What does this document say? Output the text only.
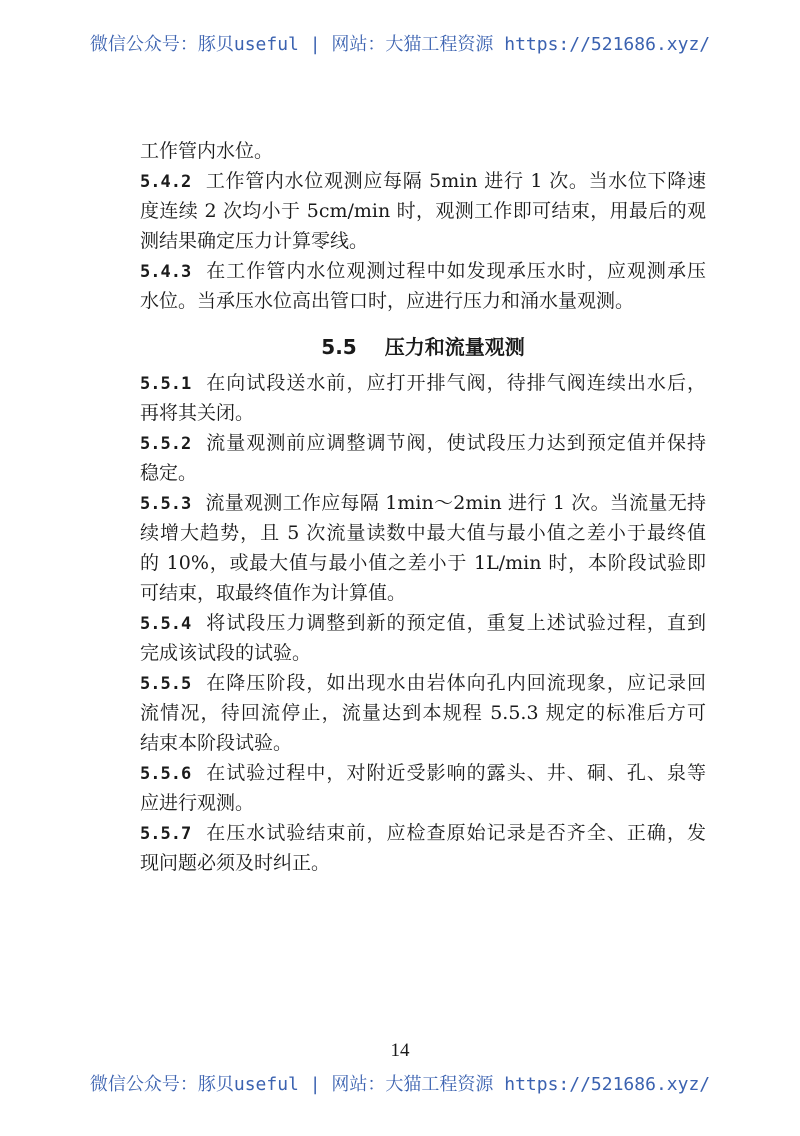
微信公众号：豚贝useful | 网站：大猫工程资源 https://521686.xyz/
工作管内水位。
5.4.2 工作管内水位观测应每隔 5min 进行 1 次。当水位下降速
度连续 2 次均小于 5cm/min 时，观测工作即可结束，用最后的观
测结果确定压力计算零线。
5.4.3 在工作管内水位观测过程中如发现承压水时，应观测承压
水位。当承压水位高出管口时，应进行压力和涌水量观测。
5.5 压力和流量观测
5.5.1 在向试段送水前，应打开排气阀，待排气阀连续出水后，
再将其关闭。
5.5.2 流量观测前应调整调节阀，使试段压力达到预定值并保持
稳定。
5.5.3 流量观测工作应每隔 1min～2min 进行 1 次。当流量无持
续增大趋势，且 5 次流量读数中最大值与最小值之差小于最终值
的 10%，或最大值与最小值之差小于 1L/min 时，本阶段试验即
可结束，取最终值作为计算值。
5.5.4 将试段压力调整到新的预定值，重复上述试验过程，直到
完成该试段的试验。
5.5.5 在降压阶段，如出现水由岩体向孔内回流现象，应记录回
流情况，待回流停止，流量达到本规程 5.5.3 规定的标准后方可
结束本阶段试验。
5.5.6 在试验过程中，对附近受影响的露头、井、硐、孔、泉等
应进行观测。
5.5.7 在压水试验结束前，应检查原始记录是否齐全、正确，发
现问题必须及时纠正。
14
微信公众号：豚贝useful | 网站：大猫工程资源 https://521686.xyz/
